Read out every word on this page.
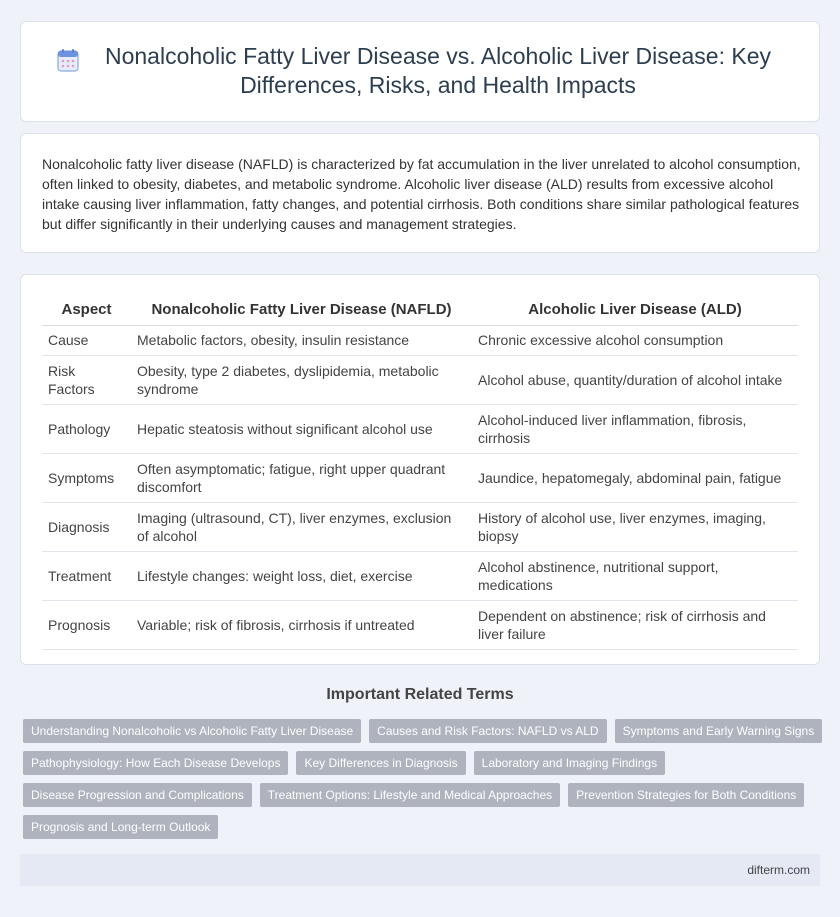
Nonalcoholic Fatty Liver Disease vs. Alcoholic Liver Disease: Key Differences, Risks, and Health Impacts

Nonalcoholic fatty liver disease (NAFLD) is characterized by fat accumulation in the liver unrelated to alcohol consumption, often linked to obesity, diabetes, and metabolic syndrome. Alcoholic liver disease (ALD) results from excessive alcohol intake causing liver inflammation, fatty changes, and potential cirrhosis. Both conditions share similar pathological features but differ significantly in their underlying causes and management strategies.

Aspect	Nonalcoholic Fatty Liver Disease (NAFLD)	Alcoholic Liver Disease (ALD)
Cause	Metabolic factors, obesity, insulin resistance	Chronic excessive alcohol consumption
Risk Factors	Obesity, type 2 diabetes, dyslipidemia, metabolic syndrome	Alcohol abuse, quantity/duration of alcohol intake
Pathology	Hepatic steatosis without significant alcohol use	Alcohol-induced liver inflammation, fibrosis, cirrhosis
Symptoms	Often asymptomatic; fatigue, right upper quadrant discomfort	Jaundice, hepatomegaly, abdominal pain, fatigue
Diagnosis	Imaging (ultrasound, CT), liver enzymes, exclusion of alcohol	History of alcohol use, liver enzymes, imaging, biopsy
Treatment	Lifestyle changes: weight loss, diet, exercise	Alcohol abstinence, nutritional support, medications
Prognosis	Variable; risk of fibrosis, cirrhosis if untreated	Dependent on abstinence; risk of cirrhosis and liver failure
Important Related Terms
Understanding Nonalcoholic vs Alcoholic Fatty Liver Disease	Causes and Risk Factors: NAFLD vs ALD	Symptoms and Early Warning Signs
Pathophysiology: How Each Disease Develops	Key Differences in Diagnosis	Laboratory and Imaging Findings
Disease Progression and Complications	Treatment Options: Lifestyle and Medical Approaches	Prevention Strategies for Both Conditions
Prognosis and Long-term Outlook
difterm.com
